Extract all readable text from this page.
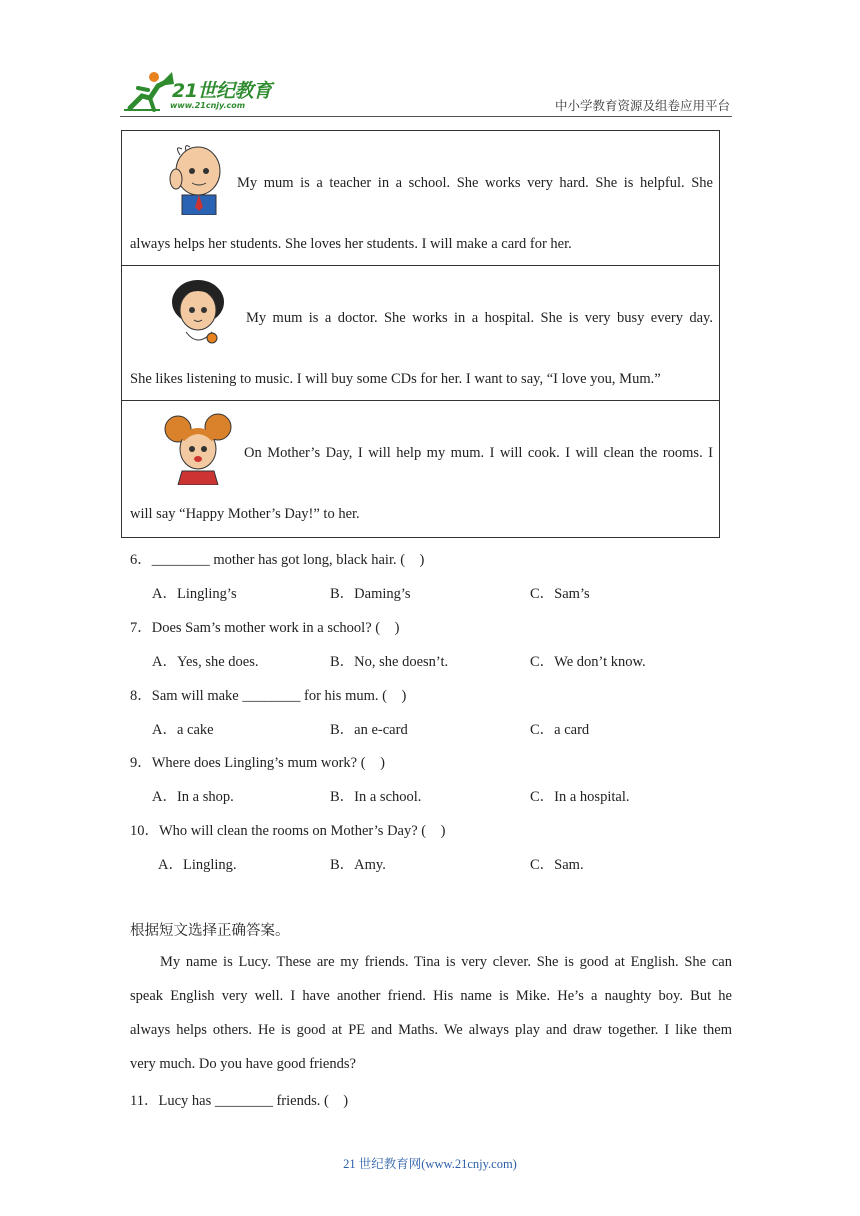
21世纪教育
www.21cnjy.com	中小学教育资源及组卷应用平台
My mum is a teacher in a school. She works very hard. She is helpful. She
always helps her students. She loves her students. I will make a card for her.
My mum is a doctor. She works in a hospital. She is very busy every day.
She likes listening to music. I will buy some CDs for her. I want to say, “I love you, Mum.”
On Mother’s Day, I will help my mum. I will cook. I will clean the rooms. I
will say “Happy Mother’s Day!” to her.
6．________ mother has got long, black hair. (    )
A．Lingling’s	B．Daming’s	C．Sam’s
7．Does Sam’s mother work in a school? (    )
A．Yes, she does.	B．No, she doesn’t.	C．We don’t know.
8．Sam will make ________ for his mum. (    )
A．a cake	B．an e-card	C．a card
9．Where does Lingling’s mum work? (    )
A．In a shop.	B．In a school.	C．In a hospital.
10．Who will clean the rooms on Mother’s Day? (    )
A．Lingling.	B．Amy.	C．Sam.
根据短文选择正确答案。
My name is Lucy. These are my friends. Tina is very clever. She is good at English. She can
speak English very well. I have another friend. His name is Mike. He’s a naughty boy. But he
always helps others. He is good at PE and Maths. We always play and draw together. I like them
very much. Do you have good friends?
11．Lucy has ________ friends. (    )
21 世纪教育网(www.21cnjy.com)
